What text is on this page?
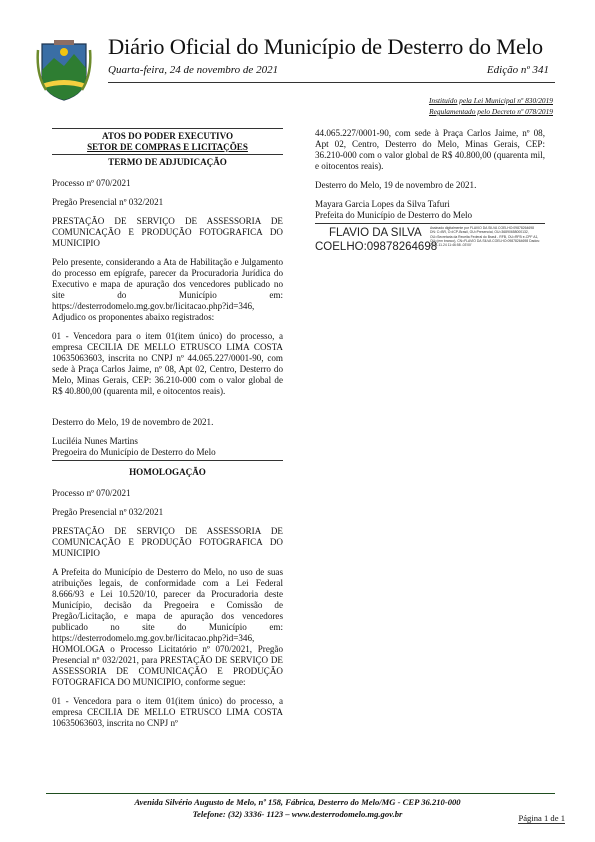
Diário Oficial do Município de Desterro do Melo
Quarta-feira, 24 de novembro de 2021	Edição nº 341
Instituído pela Lei Municipal nº 830/2019
Regulamentado pelo Decreto nº 078/2019
ATOS DO PODER EXECUTIVO
SETOR DE COMPRAS E LICITAÇÕES

TERMO DE ADJUDICAÇÃO

Processo nº 070/2021

Pregão Presencial nº 032/2021

PRESTAÇÃO DE SERVIÇO DE ASSESSORIA DE COMUNICAÇÃO E PRODUÇÃO FOTOGRAFICA DO MUNICIPIO

Pelo presente, considerando a Ata de Habilitação e Julgamento do processo em epígrafe, parecer da Procuradoria Jurídica do Executivo e mapa de apuração dos vencedores publicado no site do Município em: https://desterrodomelo.mg.gov.br/licitacao.php?id=346, Adjudico os proponentes abaixo registrados:

01 - Vencedora para o item 01(item único) do processo, a empresa CECILIA DE MELLO ETRUSCO LIMA COSTA 10635063603, inscrita no CNPJ nº 44.065.227/0001-90, com sede à Praça Carlos Jaime, nº 08, Apt 02, Centro, Desterro do Melo, Minas Gerais, CEP: 36.210-000 com o valor global de R$ 40.800,00 (quarenta mil, e oitocentos reais).

Desterro do Melo, 19 de novembro de 2021.

Luciléia Nunes Martins

Pregoeira do Município de Desterro do Melo

HOMOLOGAÇÃO

Processo nº 070/2021

Pregão Presencial nº 032/2021

PRESTAÇÃO DE SERVIÇO DE ASSESSORIA DE COMUNICAÇÃO E PRODUÇÃO FOTOGRAFICA DO MUNICIPIO

A Prefeita do Município de Desterro do Melo, no uso de suas atribuições legais, de conformidade com a Lei Federal 8.666/93 e Lei 10.520/10, parecer da Procuradoria deste Município, decisão da Pregoeira e Comissão de Pregão/Licitação, e mapa de apuração dos vencedores publicado no site do Município em: https://desterrodomelo.mg.gov.br/licitacao.php?id=346, HOMOLOGA o Processo Licitatório nº 070/2021, Pregão Presencial nº 032/2021, para PRESTAÇÃO DE SERVIÇO DE ASSESSORIA DE COMUNICAÇÃO E PRODUÇÃO FOTOGRAFICA DO MUNICIPIO, conforme segue:

01 - Vencedora para o item 01(item único) do processo, a empresa CECILIA DE MELLO ETRUSCO LIMA COSTA 10635063603, inscrita no CNPJ nº

44.065.227/0001-90, com sede à Praça Carlos Jaime, nº 08, Apt 02, Centro, Desterro do Melo, Minas Gerais, CEP: 36.210-000 com o valor global de R$ 40.800,00 (quarenta mil, e oitocentos reais).

Desterro do Melo, 19 de novembro de 2021.

Mayara Garcia Lopes da Silva Tafuri

Prefeita do Município de Desterro do Melo

FLAVIO DA SILVA
COELHO:09878264698
Assinado digitalmente por FLAVIO DA SILVA COELHO:09878264698 DN: C=BR, O=ICP-Brasil, OU=Presencial, OU=36890658000132, OU=Secretaria da Receita Federal do Brasil - RFB, OU=RFB e-CPF A1, OU=(em branco), CN=FLAVIO DA SILVA COELHO:09878264698 Dados: 2021.11.24 11:46:58 -03'00'
Avenida Silvério Augusto de Melo, nº 158, Fábrica, Desterro do Melo/MG - CEP 36.210-000
Telefone: (32) 3336- 1123 – www.desterrodomelo.mg.gov.br	Página 1 de 1
